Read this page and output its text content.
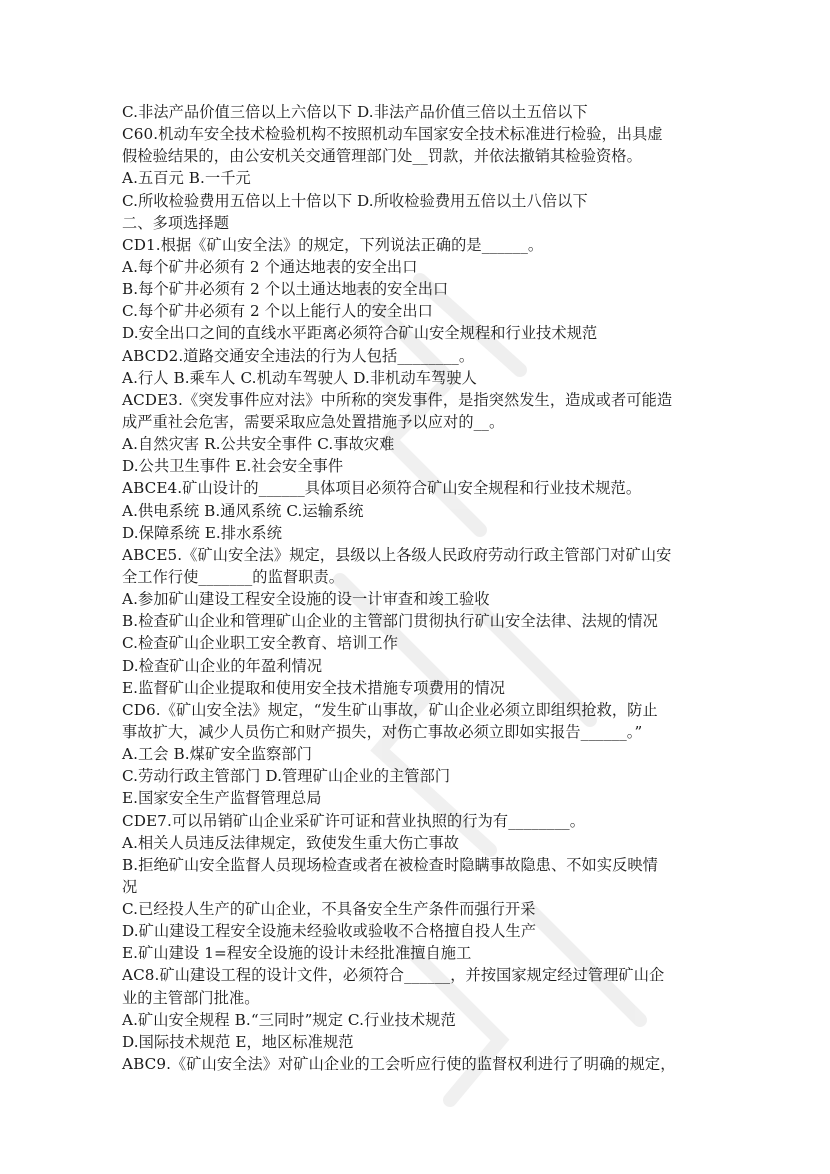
C.非法产品价值三倍以上六倍以下 D.非法产品价值三倍以土五倍以下
C60.机动车安全技术检验机构不按照机动车国家安全技术标准进行检验，出具虚
假检验结果的，由公安机关交通管理部门处__罚款，并依法撤销其检验资格。
A.五百元 B.一千元
C.所收检验费用五倍以上十倍以下 D.所收检验费用五倍以土八倍以下
二、多项选择题
CD1.根据《矿山安全法》的规定，下列说法正确的是______。
A.每个矿井必须有 2 个通达地表的安全出口
B.每个矿井必须有 2 个以土通达地表的安全出口
C.每个矿井必须有 2 个以上能行人的安全出口
D.安全出口之间的直线水平距离必须符合矿山安全规程和行业技术规范
ABCD2.道路交通安全违法的行为人包括________。
A.行人 B.乘车人 C.机动车驾驶人 D.非机动车驾驶人
ACDE3.《突发事件应对法》中所称的突发事件，是指突然发生，造成或者可能造
成严重社会危害，需要采取应急处置措施予以应对的__。
A.自然灾害 R.公共安全事件 C.事故灾难
D.公共卫生事件 E.社会安全事件
ABCE4.矿山设计的______具体项目必须符合矿山安全规程和行业技术规范。
A.供电系统 B.通风系统 C.运输系统
D.保障系统 E.排水系统
ABCE5.《矿山安全法》规定，县级以上各级人民政府劳动行政主管部门对矿山安
全工作行使_______的监督职责。
A.参加矿山建设工程安全设施的设一计审查和竣工验收
B.检查矿山企业和管理矿山企业的主管部门贯彻执行矿山安全法律、法规的情况
C.检查矿山企业职工安全教育、培训工作
D.检查矿山企业的年盈利情况
E.监督矿山企业提取和使用安全技术措施专项费用的情况
CD6.《矿山安全法》规定，“发生矿山事故，矿山企业必须立即组织抢救，防止
事故扩大，减少人员伤亡和财产损失，对伤亡事故必须立即如实报告______。”
A.工会 B.煤矿安全监察部门
C.劳动行政主管部门 D.管理矿山企业的主管部门
E.国家安全生产监督管理总局
CDE7.可以吊销矿山企业采矿许可证和营业执照的行为有________。
A.相关人员违反法律规定，致使发生重大伤亡事故
B.拒绝矿山安全监督人员现场检查或者在被检查时隐瞒事故隐患、不如实反映情
况
C.已经投人生产的矿山企业，不具备安全生产条件而强行开采
D.矿山建设工程安全设施未经验收或验收不合格擅自投人生产
E.矿山建设 1=程安全设施的设计未经批准擅自施工
AC8.矿山建设工程的设计文件，必须符合______，并按国家规定经过管理矿山企
业的主管部门批准。
A.矿山安全规程 B.“三同时”规定 C.行业技术规范
D.国际技术规范 E，地区标准规范
ABC9.《矿山安全法》对矿山企业的工会听应行使的监督权利进行了明确的规定，
